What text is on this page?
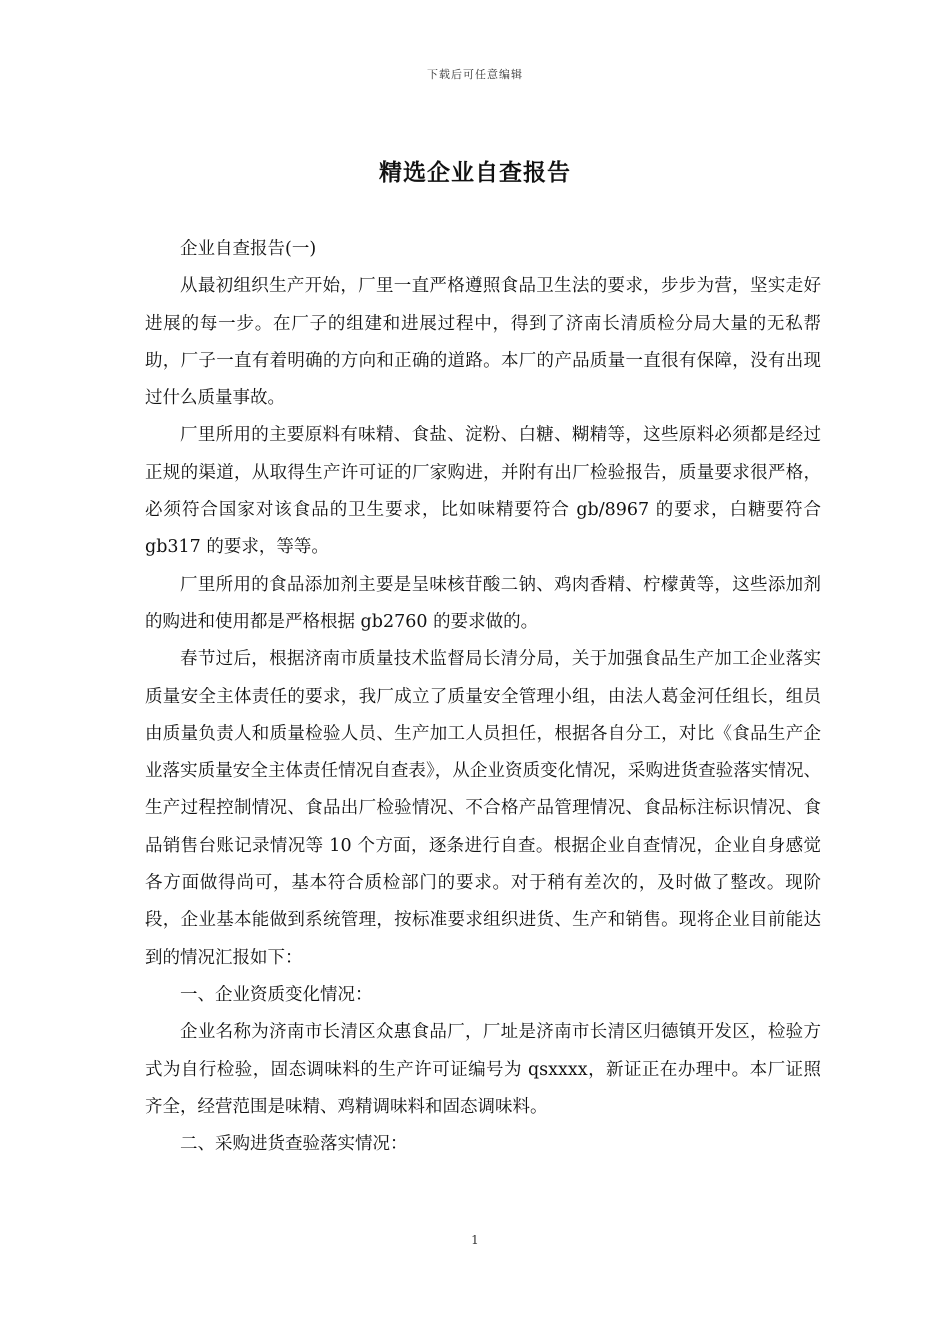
下载后可任意编辑
精选企业自查报告

企业自查报告(一)

从最初组织生产开始，厂里一直严格遵照食品卫生法的要求，步步为营，坚实走好进展的每一步。在厂子的组建和进展过程中，得到了济南长清质检分局大量的无私帮助，厂子一直有着明确的方向和正确的道路。本厂的产品质量一直很有保障，没有出现过什么质量事故。

厂里所用的主要原料有味精、食盐、淀粉、白糖、糊精等，这些原料必须都是经过正规的渠道，从取得生产许可证的厂家购进，并附有出厂检验报告，质量要求很严格，必须符合国家对该食品的卫生要求，比如味精要符合 gb/8967 的要求，白糖要符合 gb317 的要求，等等。

厂里所用的食品添加剂主要是呈味核苷酸二钠、鸡肉香精、柠檬黄等，这些添加剂的购进和使用都是严格根据 gb2760 的要求做的。

春节过后，根据济南市质量技术监督局长清分局，关于加强食品生产加工企业落实质量安全主体责任的要求，我厂成立了质量安全管理小组，由法人葛金河任组长，组员由质量负责人和质量检验人员、生产加工人员担任，根据各自分工，对比《食品生产企业落实质量安全主体责任情况自查表》，从企业资质变化情况，采购进货查验落实情况、生产过程控制情况、食品出厂检验情况、不合格产品管理情况、食品标注标识情况、食品销售台账记录情况等 10 个方面，逐条进行自查。根据企业自查情况，企业自身感觉各方面做得尚可，基本符合质检部门的要求。对于稍有差次的，及时做了整改。现阶段，企业基本能做到系统管理，按标准要求组织进货、生产和销售。现将企业目前能达到的情况汇报如下：

一、企业资质变化情况：

企业名称为济南市长清区众惠食品厂，厂址是济南市长清区归德镇开发区，检验方式为自行检验，固态调味料的生产许可证编号为 qsxxxx，新证正在办理中。本厂证照齐全，经营范围是味精、鸡精调味料和固态调味料。

二、采购进货查验落实情况：

1
